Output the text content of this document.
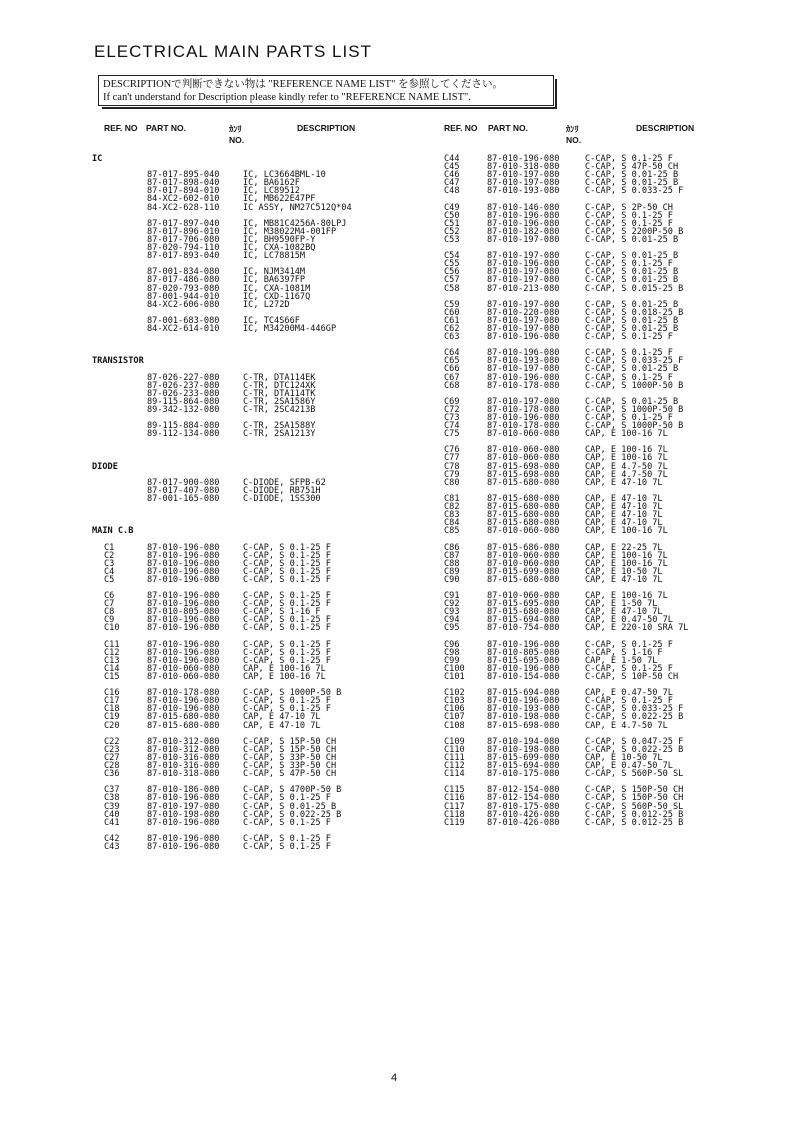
ELECTRICAL MAIN PARTS LIST
DESCRIPTIONで判断できない物は "REFERENCE NAME LIST" を参照してください。
If can't understand for Description please kindly refer to "REFERENCE NAME LIST".
REF. NO PART NO.	ｶﾝﾘ
NO.
DESCRIPTION	REF. NO PART NO.	ｶﾝﾘ
NO.
DESCRIPTION
IC
87-017-895-040	IC, LC3664BML-10
87-017-898-040	IC, BA6162F
87-017-894-010	IC, LC89512
84-XC2-602-010	IC, MB622E47PF
84-XC2-628-110	IC ASSY, NM27C512Q*04
87-017-897-040	IC, MB81C4256A-80LPJ
87-017-896-010	IC, M38022M4-001FP
87-017-706-080	IC, BH9590FP-Y
87-020-794-110	IC, CXA-1082BQ
87-017-893-040	IC, LC78815M
87-001-834-080	IC, NJM3414M
87-017-486-080	IC, BA6397FP
87-020-793-080	IC, CXA-1081M
87-001-944-010	IC, CXD-1167Q
84-XC2-606-080	IC, L272D
87-001-683-080	IC, TC4S66F
84-XC2-614-010	IC, M34200M4-446GP
TRANSISTOR
87-026-227-080	C-TR, DTA114EK
87-026-237-080	C-TR, DTC124XK
87-026-233-080	C-TR, DTA114TK
89-115-864-080	C-TR, 2SA1586Y
89-342-132-080	C-TR, 2SC4213B
89-115-884-080	C-TR, 2SA1588Y
89-112-134-080	C-TR, 2SA1213Y
DIODE
87-017-900-080	C-DIODE, SFPB-62
87-017-407-080	C-DIODE, RB751H
87-001-165-080	C-DIODE, 1SS300
MAIN C.B
C1	87-010-196-080	C-CAP, S 0.1-25 F
C2	87-010-196-080	C-CAP, S 0.1-25 F
C3	87-010-196-080	C-CAP, S 0.1-25 F
C4	87-010-196-080	C-CAP, S 0.1-25 F
C5	87-010-196-080	C-CAP, S 0.1-25 F
C6	87-010-196-080	C-CAP, S 0.1-25 F
C7	87-010-196-080	C-CAP, S 0.1-25 F
C8	87-010-805-080	C-CAP, S 1-16 F
C9	87-010-196-080	C-CAP, S 0.1-25 F
C10	87-010-196-080	C-CAP, S 0.1-25 F
C11	87-010-196-080	C-CAP, S 0.1-25 F
C12	87-010-196-080	C-CAP, S 0.1-25 F
C13	87-010-196-080	C-CAP, S 0.1-25 F
C14	87-010-060-080	CAP, E 100-16 7L
C15	87-010-060-080	CAP, E 100-16 7L
C16	87-010-178-080	C-CAP, S 1000P-50 B
C17	87-010-196-080	C-CAP, S 0.1-25 F
C18	87-010-196-080	C-CAP, S 0.1-25 F
C19	87-015-680-080	CAP, E 47-10 7L
C20	87-015-680-080	CAP, E 47-10 7L
C22	87-010-312-080	C-CAP, S 15P-50 CH
C23	87-010-312-080	C-CAP, S 15P-50 CH
C27	87-010-316-080	C-CAP, S 33P-50 CH
C28	87-010-316-080	C-CAP, S 33P-50 CH
C36	87-010-318-080	C-CAP, S 47P-50 CH
C37	87-010-186-080	C-CAP, S 4700P-50 B
C38	87-010-196-080	C-CAP, S 0.1-25 F
C39	87-010-197-080	C-CAP, S 0.01-25 B
C40	87-010-198-080	C-CAP, S 0.022-25 B
C41	87-010-196-080	C-CAP, S 0.1-25 F
C42	87-010-196-080	C-CAP, S 0.1-25 F
C43	87-010-196-080	C-CAP, S 0.1-25 F
C44	87-010-196-080	C-CAP, S 0.1-25 F
C45	87-010-318-080	C-CAP, S 47P-50 CH
C46	87-010-197-080	C-CAP, S 0.01-25 B
C47	87-010-197-080	C-CAP, S 0.01-25 B
C48	87-010-193-080	C-CAP, S 0.033-25 F
C49	87-010-146-080	C-CAP, S 2P-50 CH
C50	87-010-196-080	C-CAP, S 0.1-25 F
C51	87-010-196-080	C-CAP, S 0.1-25 F
C52	87-010-182-080	C-CAP, S 2200P-50 B
C53	87-010-197-080	C-CAP, S 0.01-25 B
C54	87-010-197-080	C-CAP, S 0.01-25 B
C55	87-010-196-080	C-CAP, S 0.1-25 F
C56	87-010-197-080	C-CAP, S 0.01-25 B
C57	87-010-197-080	C-CAP, S 0.01-25 B
C58	87-010-213-080	C-CAP, S 0.015-25 B
C59	87-010-197-080	C-CAP, S 0.01-25 B
C60	87-010-220-080	C-CAP, S 0.018-25 B
C61	87-010-197-080	C-CAP, S 0.01-25 B
C62	87-010-197-080	C-CAP, S 0.01-25 B
C63	87-010-196-080	C-CAP, S 0.1-25 F
C64	87-010-196-080	C-CAP, S 0.1-25 F
C65	87-010-193-080	C-CAP, S 0.033-25 F
C66	87-010-197-080	C-CAP, S 0.01-25 B
C67	87-010-196-080	C-CAP, S 0.1-25 F
C68	87-010-178-080	C-CAP, S 1000P-50 B
C69	87-010-197-080	C-CAP, S 0.01-25 B
C72	87-010-178-080	C-CAP, S 1000P-50 B
C73	87-010-196-080	C-CAP, S 0.1-25 F
C74	87-010-178-080	C-CAP, S 1000P-50 B
C75	87-010-060-080	CAP, E 100-16 7L
C76	87-010-060-080	CAP, E 100-16 7L
C77	87-010-060-080	CAP, E 100-16 7L
C78	87-015-698-080	CAP, E 4.7-50 7L
C79	87-015-698-080	CAP, E 4.7-50 7L
C80	87-015-680-080	CAP, E 47-10 7L
C81	87-015-680-080	CAP, E 47-10 7L
C82	87-015-680-080	CAP, E 47-10 7L
C83	87-015-680-080	CAP, E 47-10 7L
C84	87-015-680-080	CAP, E 47-10 7L
C85	87-010-060-080	CAP, E 100-16 7L
C86	87-015-686-080	CAP, E 22-25 7L
C87	87-010-060-080	CAP, E 100-16 7L
C88	87-010-060-080	CAP, E 100-16 7L
C89	87-015-699-080	CAP, E 10-50 7L
C90	87-015-680-080	CAP, E 47-10 7L
C91	87-010-060-080	CAP, E 100-16 7L
C92	87-015-695-080	CAP, E 1-50 7L
C93	87-015-680-080	CAP, E 47-10 7L
C94	87-015-694-080	CAP, E 0.47-50 7L
C95	87-010-754-080	CAP, E 220-10 SRA 7L
C96	87-010-196-080	C-CAP, S 0.1-25 F
C98	87-010-805-080	C-CAP, S 1-16 F
C99	87-015-695-080	CAP, E 1-50 7L
C100	87-010-196-080	C-CAP, S 0.1-25 F
C101	87-010-154-080	C-CAP, S 10P-50 CH
C102	87-015-694-080	CAP, E 0.47-50 7L
C103	87-010-196-080	C-CAP, S 0.1-25 F
C106	87-010-193-080	C-CAP, S 0.033-25 F
C107	87-010-198-080	C-CAP, S 0.022-25 B
C108	87-015-698-080	CAP, E 4.7-50 7L
C109	87-010-194-080	C-CAP, S 0.047-25 F
C110	87-010-198-080	C-CAP, S 0.022-25 B
C111	87-015-699-080	CAP, E 10-50 7L
C112	87-015-694-080	CAP, E 0.47-50 7L
C114	87-010-175-080	C-CAP, S 560P-50 SL
C115	87-012-154-080	C-CAP, S 150P-50 CH
C116	87-012-154-080	C-CAP, S 150P-50 CH
C117	87-010-175-080	C-CAP, S 560P-50 SL
C118	87-010-426-080	C-CAP, S 0.012-25 B
C119	87-010-426-080	C-CAP, S 0.012-25 B
4
